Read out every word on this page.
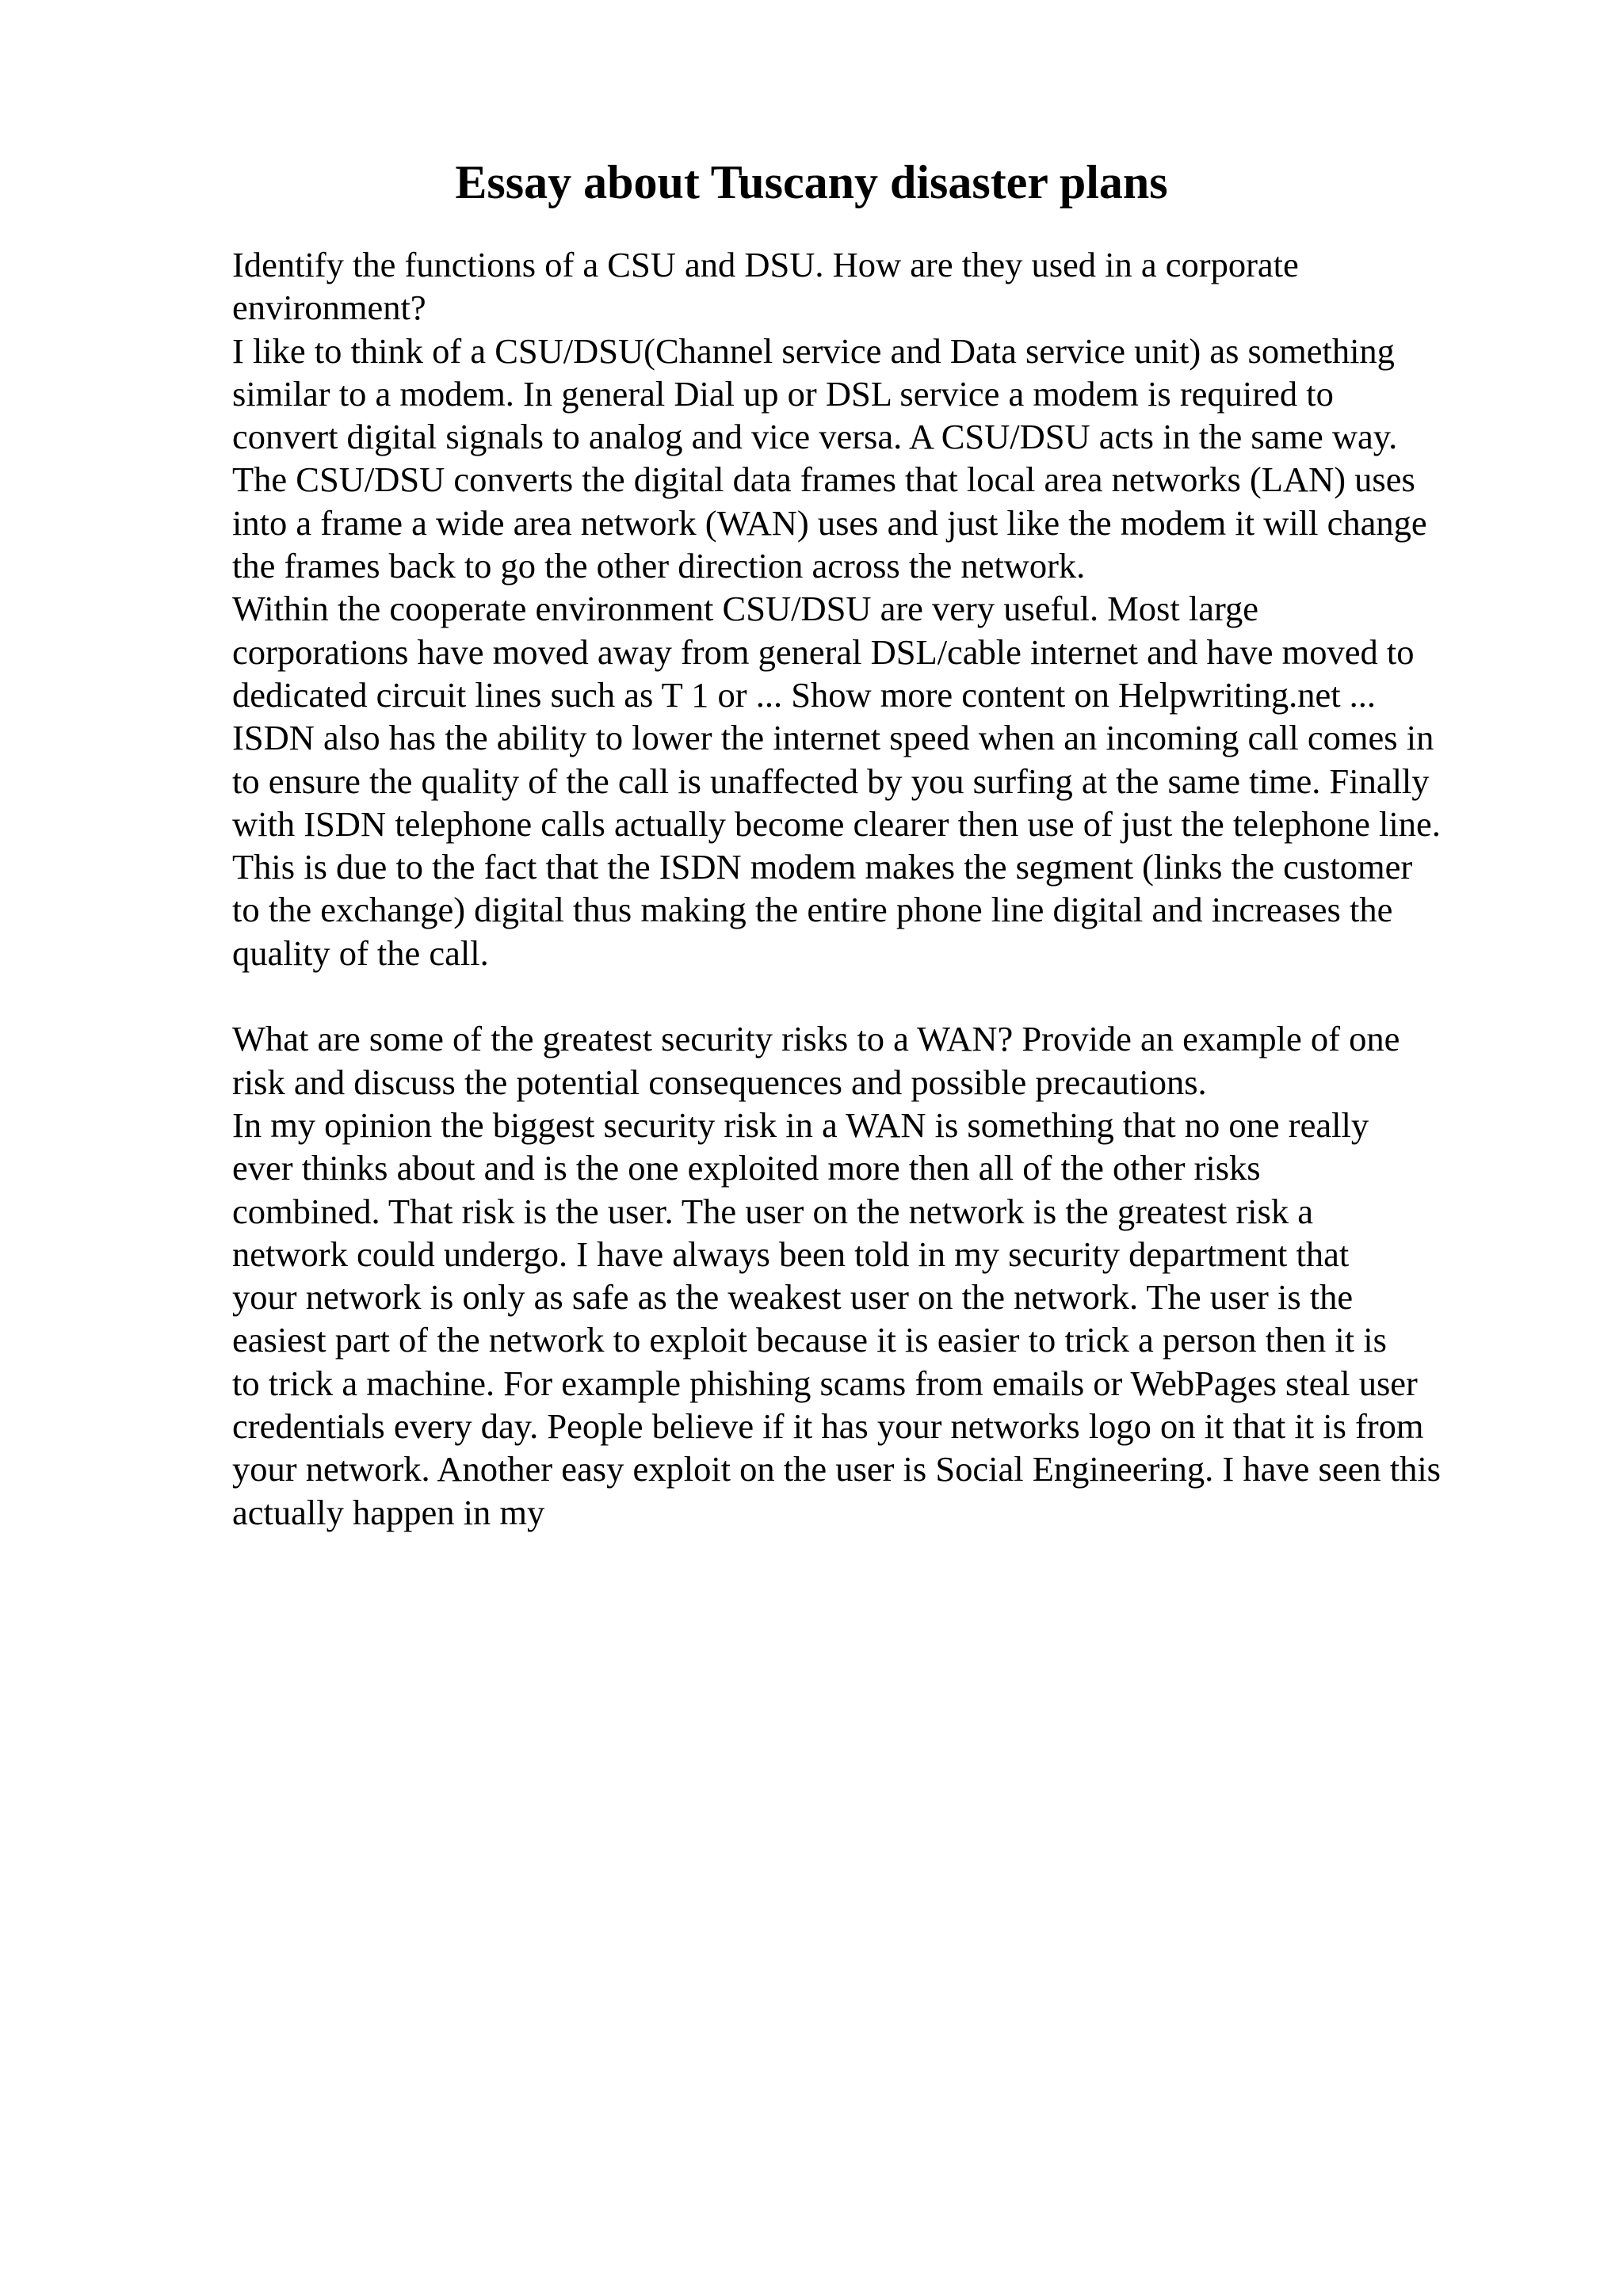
Essay about Tuscany disaster plans
Identify the functions of a CSU and DSU. How are they used in a corporate
environment?
I like to think of a CSU/DSU(Channel service and Data service unit) as something
similar to a modem. In general Dial up or DSL service a modem is required to
convert digital signals to analog and vice versa. A CSU/DSU acts in the same way.
The CSU/DSU converts the digital data frames that local area networks (LAN) uses
into a frame a wide area network (WAN) uses and just like the modem it will change
the frames back to go the other direction across the network.
Within the cooperate environment CSU/DSU are very useful. Most large
corporations have moved away from general DSL/cable internet and have moved to
dedicated circuit lines such as T 1 or ... Show more content on Helpwriting.net ...
ISDN also has the ability to lower the internet speed when an incoming call comes in
to ensure the quality of the call is unaffected by you surfing at the same time. Finally
with ISDN telephone calls actually become clearer then use of just the telephone line.
This is due to the fact that the ISDN modem makes the segment (links the customer
to the exchange) digital thus making the entire phone line digital and increases the
quality of the call.
What are some of the greatest security risks to a WAN? Provide an example of one
risk and discuss the potential consequences and possible precautions.
In my opinion the biggest security risk in a WAN is something that no one really
ever thinks about and is the one exploited more then all of the other risks
combined. That risk is the user. The user on the network is the greatest risk a
network could undergo. I have always been told in my security department that
your network is only as safe as the weakest user on the network. The user is the
easiest part of the network to exploit because it is easier to trick a person then it is
to trick a machine. For example phishing scams from emails or WebPages steal user
credentials every day. People believe if it has your networks logo on it that it is from
your network. Another easy exploit on the user is Social Engineering. I have seen this
actually happen in my
